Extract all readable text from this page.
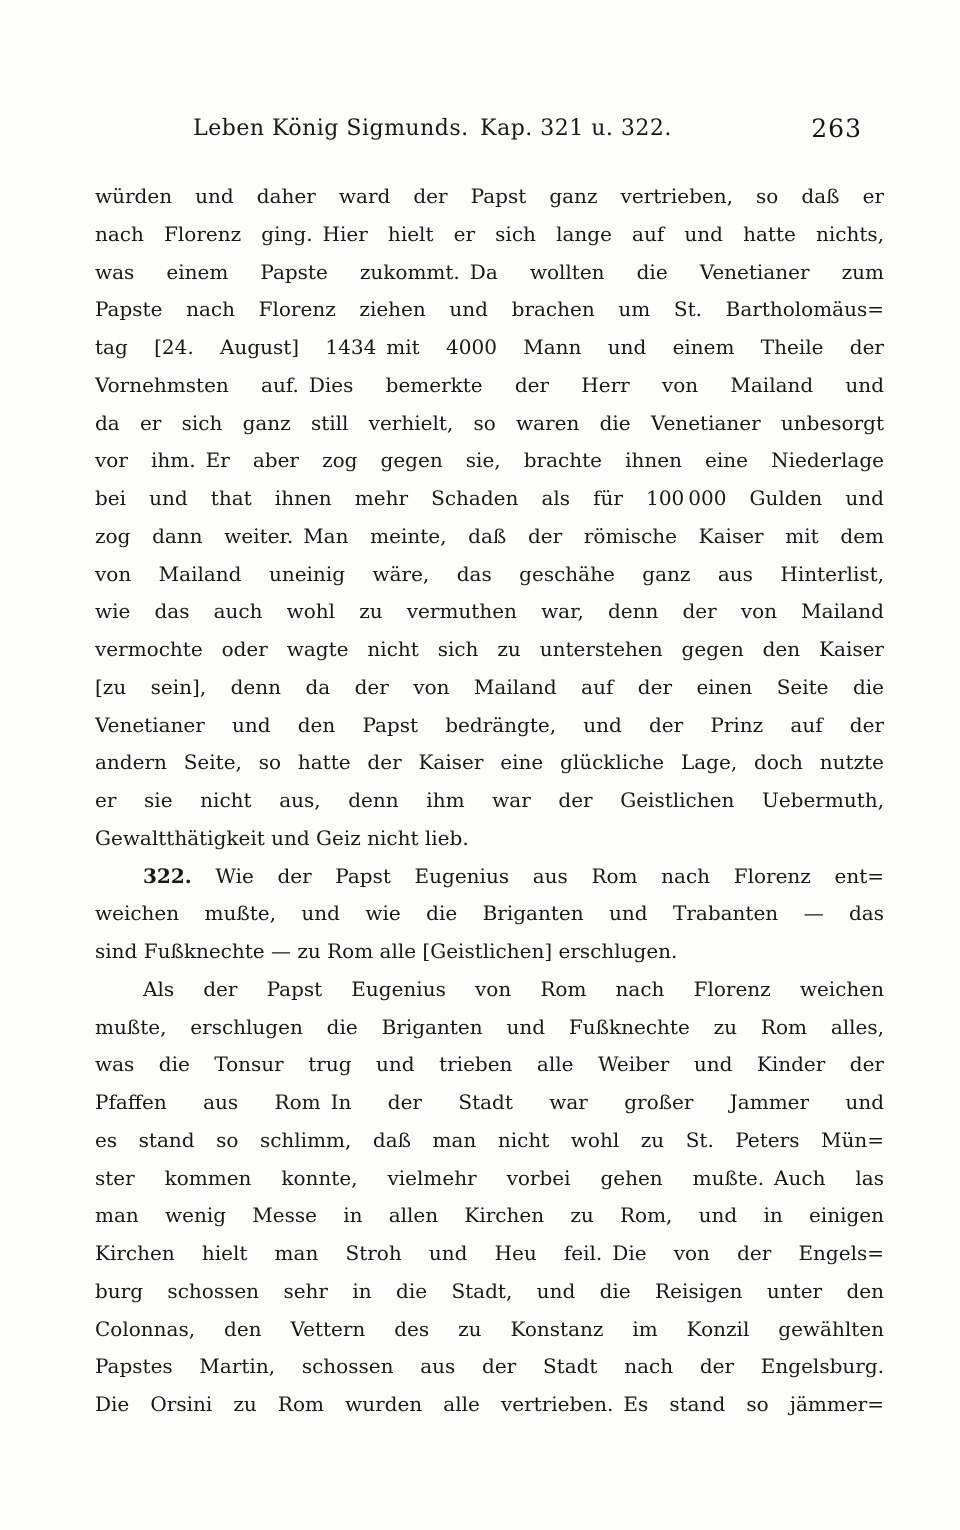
Leben König Sigmunds. Kap. 321 u. 322.	263
würden und daher ward der Papst ganz vertrieben, so daß er
nach Florenz ging. Hier hielt er sich lange auf und hatte nichts,
was einem Papste zukommt. Da wollten die Venetianer zum
Papste nach Florenz ziehen und brachen um St. Bartholomäus=
tag [24. August] 1434 mit 4000 Mann und einem Theile der
Vornehmsten auf. Dies bemerkte der Herr von Mailand und
da er sich ganz still verhielt, so waren die Venetianer unbesorgt
vor ihm. Er aber zog gegen sie, brachte ihnen eine Niederlage
bei und that ihnen mehr Schaden als für 100 000 Gulden und
zog dann weiter. Man meinte, daß der römische Kaiser mit dem
von Mailand uneinig wäre, das geschähe ganz aus Hinterlist,
wie das auch wohl zu vermuthen war, denn der von Mailand
vermochte oder wagte nicht sich zu unterstehen gegen den Kaiser
[zu sein], denn da der von Mailand auf der einen Seite die
Venetianer und den Papst bedrängte, und der Prinz auf der
andern Seite, so hatte der Kaiser eine glückliche Lage, doch nutzte
er sie nicht aus, denn ihm war der Geistlichen Uebermuth,
Gewaltthätigkeit und Geiz nicht lieb.
322. Wie der Papst Eugenius aus Rom nach Florenz ent=
weichen mußte, und wie die Briganten und Trabanten — das
sind Fußknechte — zu Rom alle [Geistlichen] erschlugen.
Als der Papst Eugenius von Rom nach Florenz weichen
mußte, erschlugen die Briganten und Fußknechte zu Rom alles,
was die Tonsur trug und trieben alle Weiber und Kinder der
Pfaffen aus Rom In der Stadt war großer Jammer und
es stand so schlimm, daß man nicht wohl zu St. Peters Mün=
ster kommen konnte, vielmehr vorbei gehen mußte. Auch las
man wenig Messe in allen Kirchen zu Rom, und in einigen
Kirchen hielt man Stroh und Heu feil. Die von der Engels=
burg schossen sehr in die Stadt, und die Reisigen unter den
Colonnas, den Vettern des zu Konstanz im Konzil gewählten
Papstes Martin, schossen aus der Stadt nach der Engelsburg.
Die Orsini zu Rom wurden alle vertrieben. Es stand so jämmer=
